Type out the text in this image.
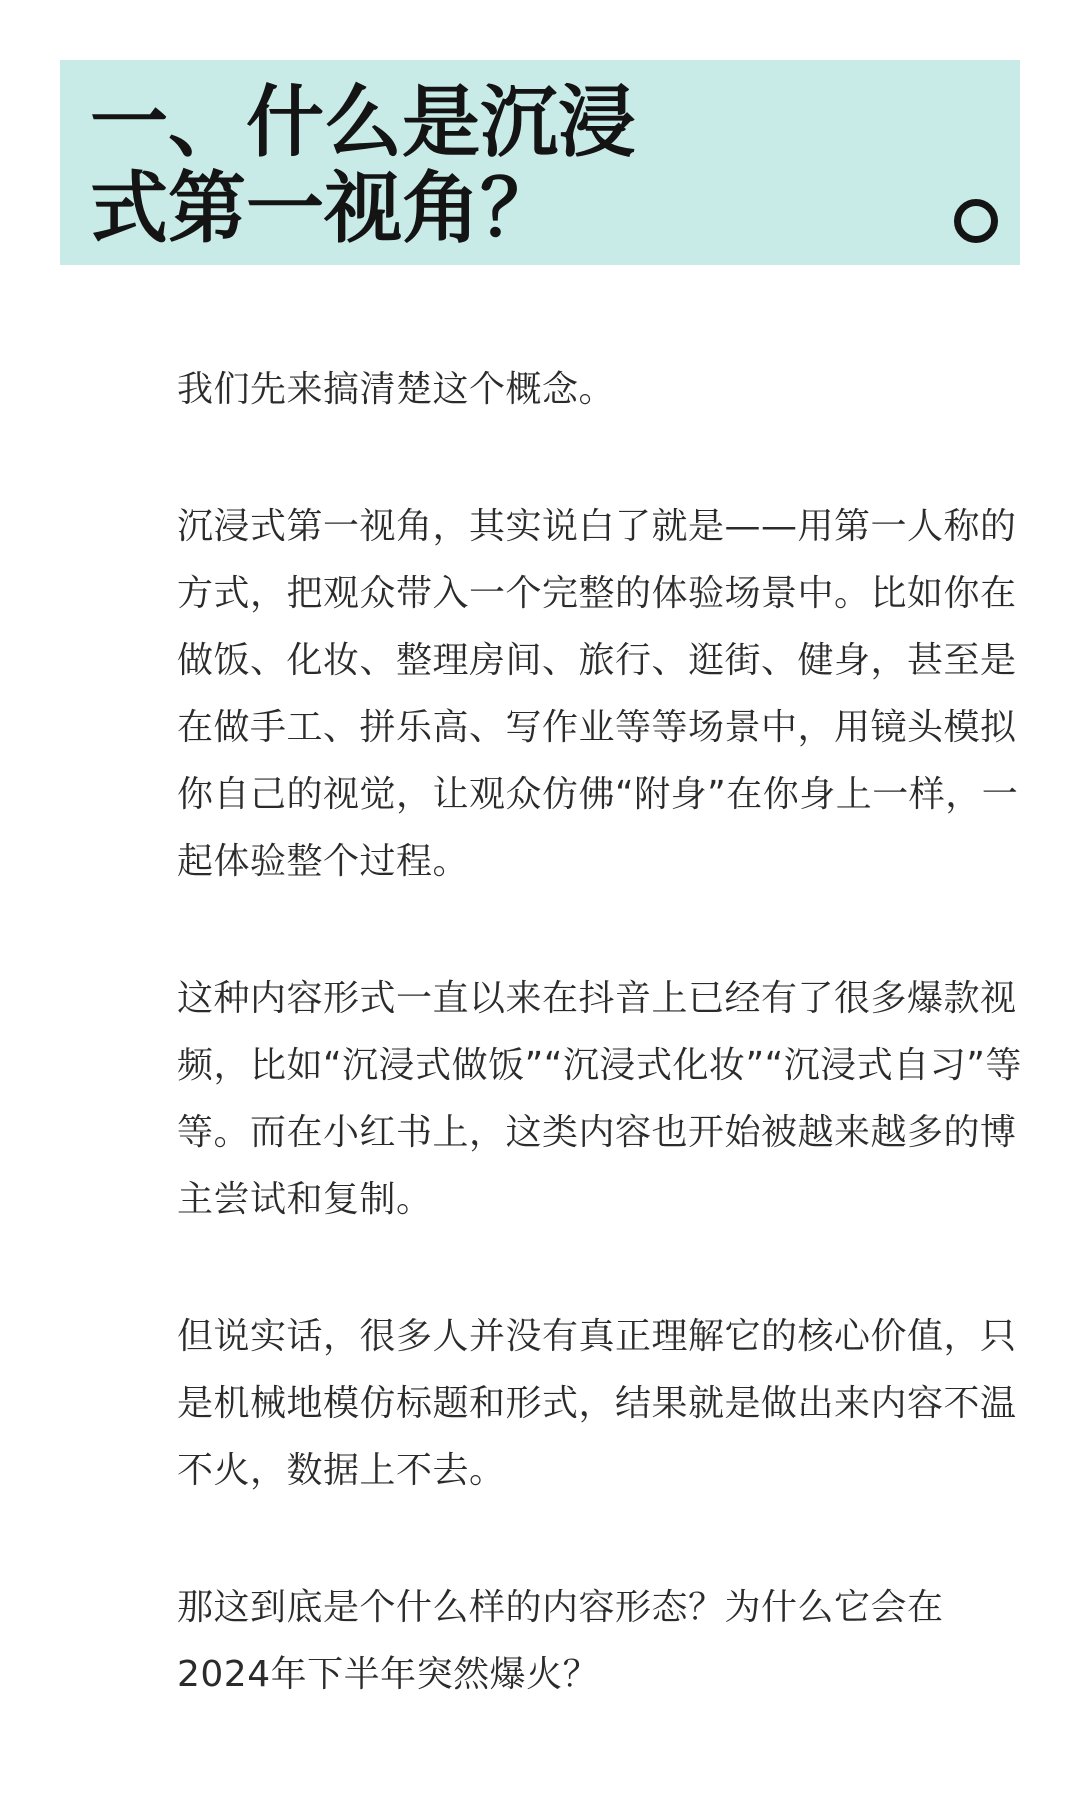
一、什么是沉浸
式第一视角？

我们先来搞清楚这个概念。

沉浸式第一视角，其实说白了就是——用第一人称的方式，把观众带入一个完整的体验场景中。比如你在做饭、化妆、整理房间、旅行、逛街、健身，甚至是在做手工、拼乐高、写作业等等场景中，用镜头模拟你自己的视觉，让观众仿佛“附身”在你身上一样，一起体验整个过程。

这种内容形式一直以来在抖音上已经有了很多爆款视频，比如“沉浸式做饭”“沉浸式化妆”“沉浸式自习”等等。而在小红书上，这类内容也开始被越来越多的博主尝试和复制。

但说实话，很多人并没有真正理解它的核心价值，只是机械地模仿标题和形式，结果就是做出来内容不温不火，数据上不去。

那这到底是个什么样的内容形态？为什么它会在2024年下半年突然爆火？
